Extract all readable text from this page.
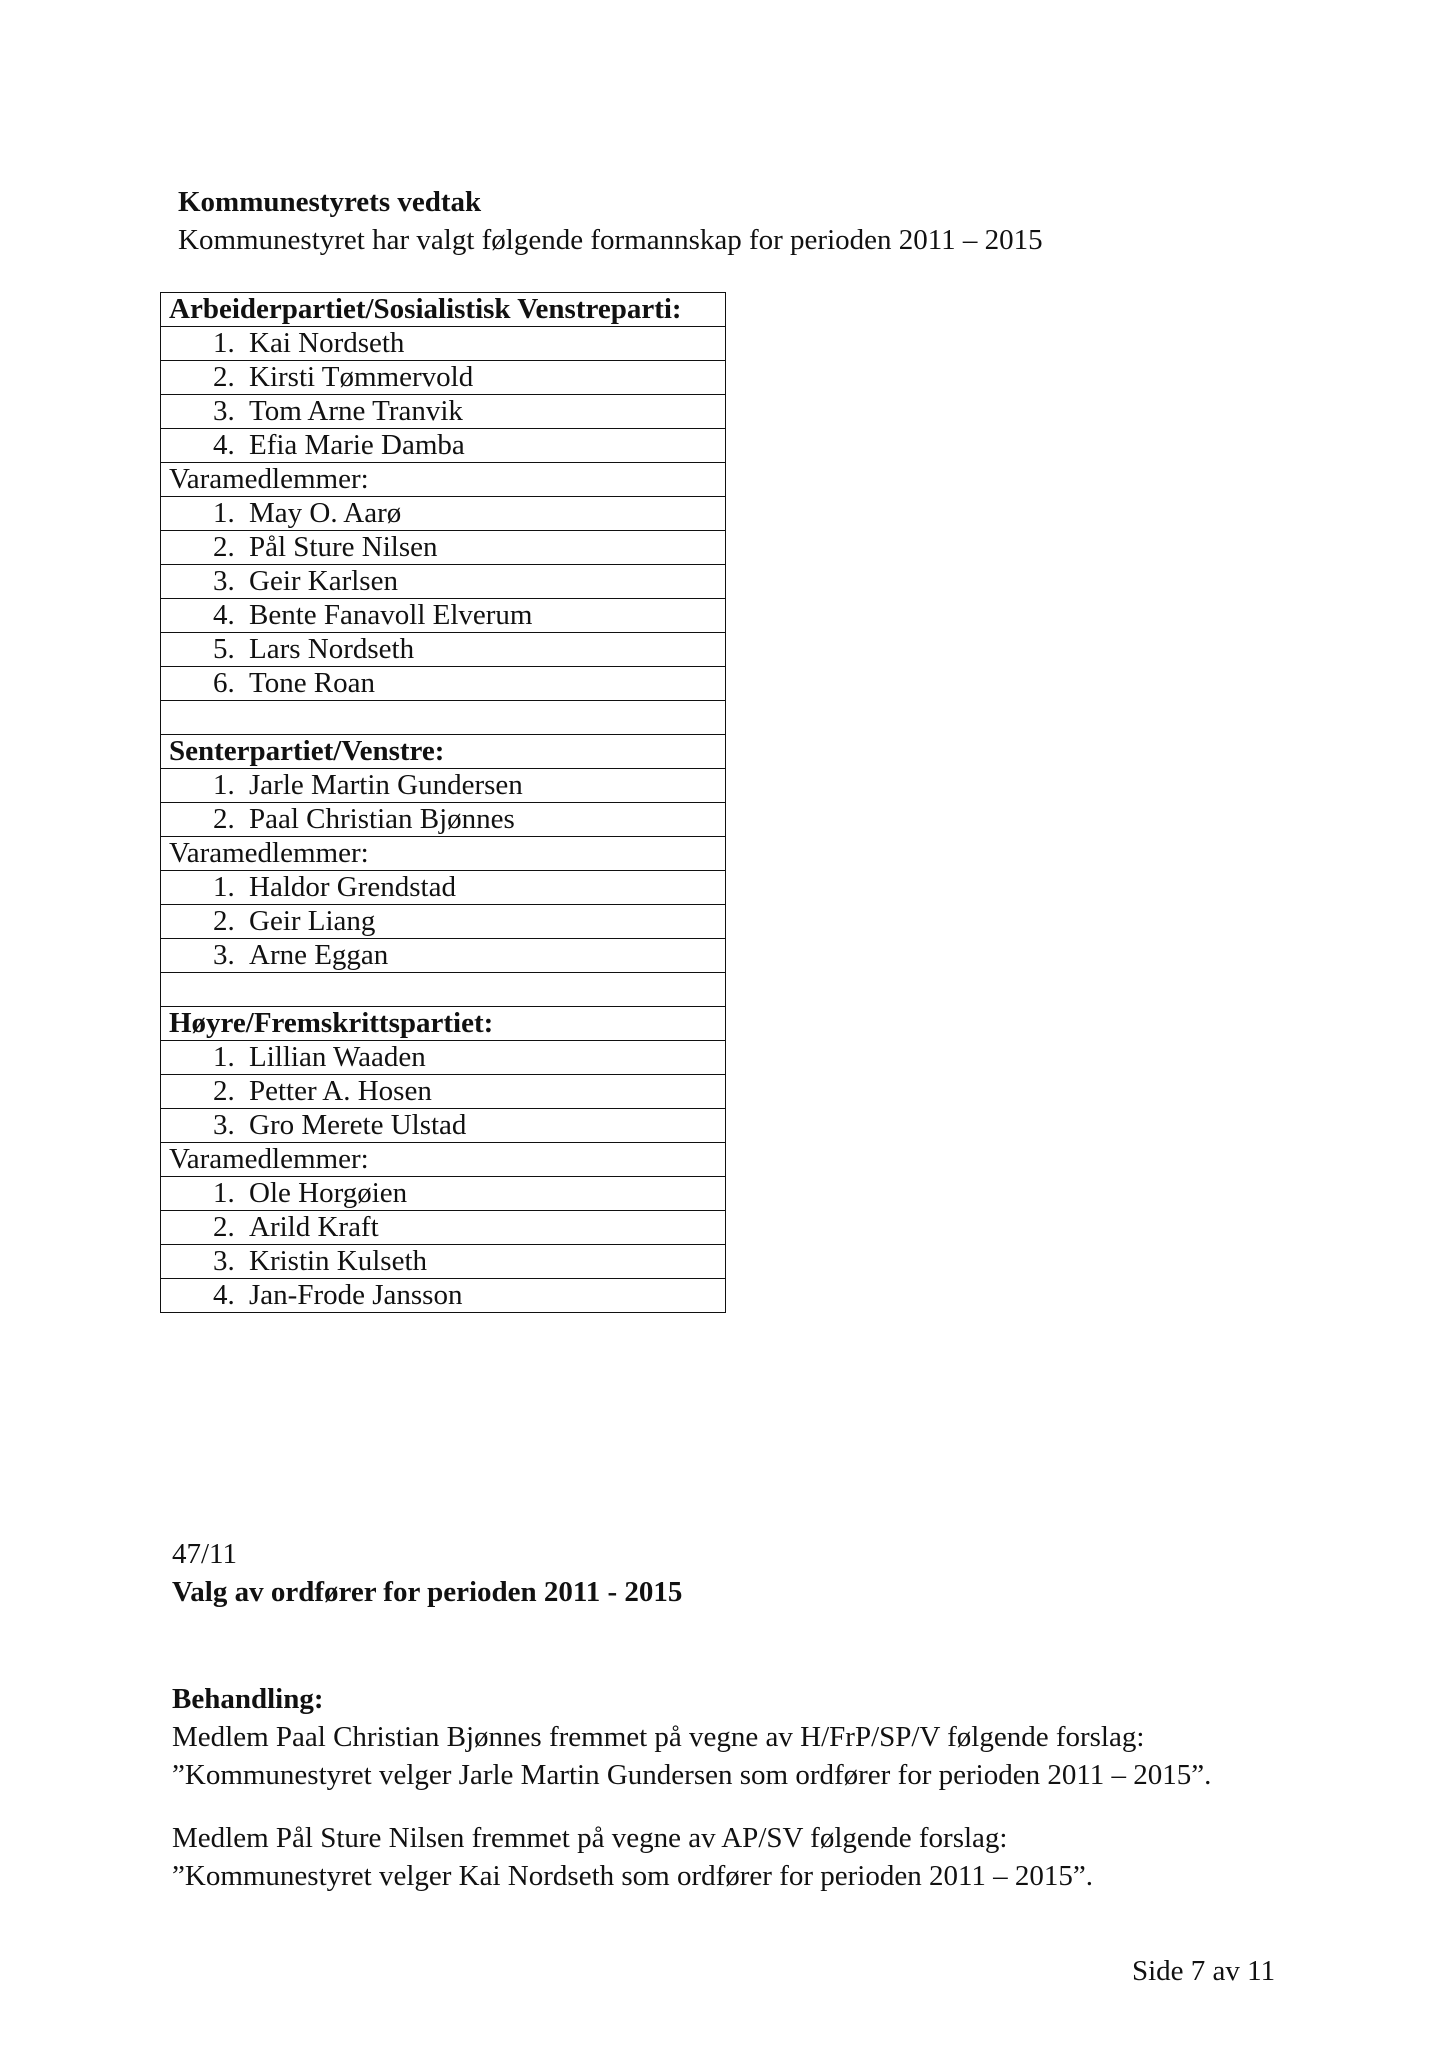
Kommunestyrets vedtak
Kommunestyret har valgt følgende formannskap for perioden 2011 – 2015
Arbeiderpartiet/Sosialistisk Venstreparti:
1. Kai Nordseth
2. Kirsti Tømmervold
3. Tom Arne Tranvik
4. Efia Marie Damba
Varamedlemmer:
1. May O. Aarø
2. Pål Sture Nilsen
3. Geir Karlsen
4. Bente Fanavoll Elverum
5. Lars Nordseth
6. Tone Roan

Senterpartiet/Venstre:
1. Jarle Martin Gundersen
2. Paal Christian Bjønnes
Varamedlemmer:
1. Haldor Grendstad
2. Geir Liang
3. Arne Eggan

Høyre/Fremskrittspartiet:
1. Lillian Waaden
2. Petter A. Hosen
3. Gro Merete Ulstad
Varamedlemmer:
1. Ole Horgøien
2. Arild Kraft
3. Kristin Kulseth
4. Jan-Frode Jansson
47/11
Valg av ordfører for perioden 2011 - 2015
Behandling:
Medlem Paal Christian Bjønnes fremmet på vegne av H/FrP/SP/V følgende forslag:
”Kommunestyret velger Jarle Martin Gundersen som ordfører for perioden 2011 – 2015”.
Medlem Pål Sture Nilsen fremmet på vegne av AP/SV følgende forslag:
”Kommunestyret velger Kai Nordseth som ordfører for perioden 2011 – 2015”.
Side 7 av 11
